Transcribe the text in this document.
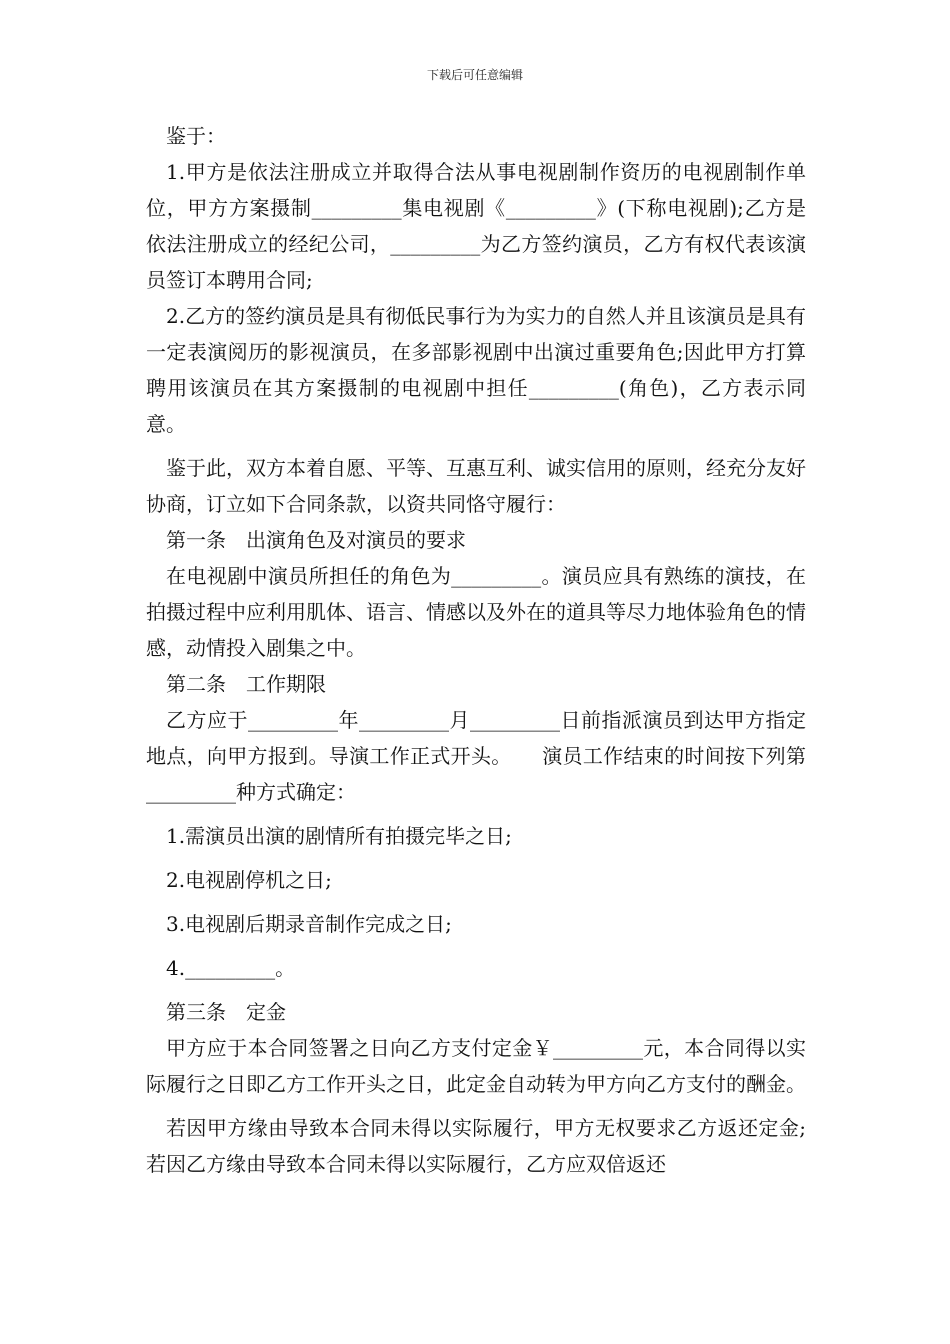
下载后可任意编辑

鉴于：

1.甲方是依法注册成立并取得合法从事电视剧制作资历的电视剧制作单位，甲方方案摄制_________集电视剧《_________》(下称电视剧);乙方是依法注册成立的经纪公司，_________为乙方签约演员，乙方有权代表该演员签订本聘用合同;

2.乙方的签约演员是具有彻低民事行为为实力的自然人并且该演员是具有一定表演阅历的影视演员，在多部影视剧中出演过重要角色;因此甲方打算聘用该演员在其方案摄制的电视剧中担任_________(角色)，乙方表示同意。

鉴于此，双方本着自愿、平等、互惠互利、诚实信用的原则，经充分友好协商，订立如下合同条款，以资共同恪守履行：

第一条　出演角色及对演员的要求

在电视剧中演员所担任的角色为_________。演员应具有熟练的演技，在拍摄过程中应利用肌体、语言、情感以及外在的道具等尽力地体验角色的情感，动情投入剧集之中。

第二条　工作期限

乙方应于_________年_________月_________日前指派演员到达甲方指定地点，向甲方报到。导演工作正式开头。　　演员工作结束的时间按下列第_________种方式确定：

1.需演员出演的剧情所有拍摄完毕之日;

2.电视剧停机之日;

3.电视剧后期录音制作完成之日;

4._________。

第三条　定金

甲方应于本合同签署之日向乙方支付定金￥_________元，本合同得以实际履行之日即乙方工作开头之日，此定金自动转为甲方向乙方支付的酬金。

若因甲方缘由导致本合同未得以实际履行，甲方无权要求乙方返还定金;若因乙方缘由导致本合同未得以实际履行，乙方应双倍返还
